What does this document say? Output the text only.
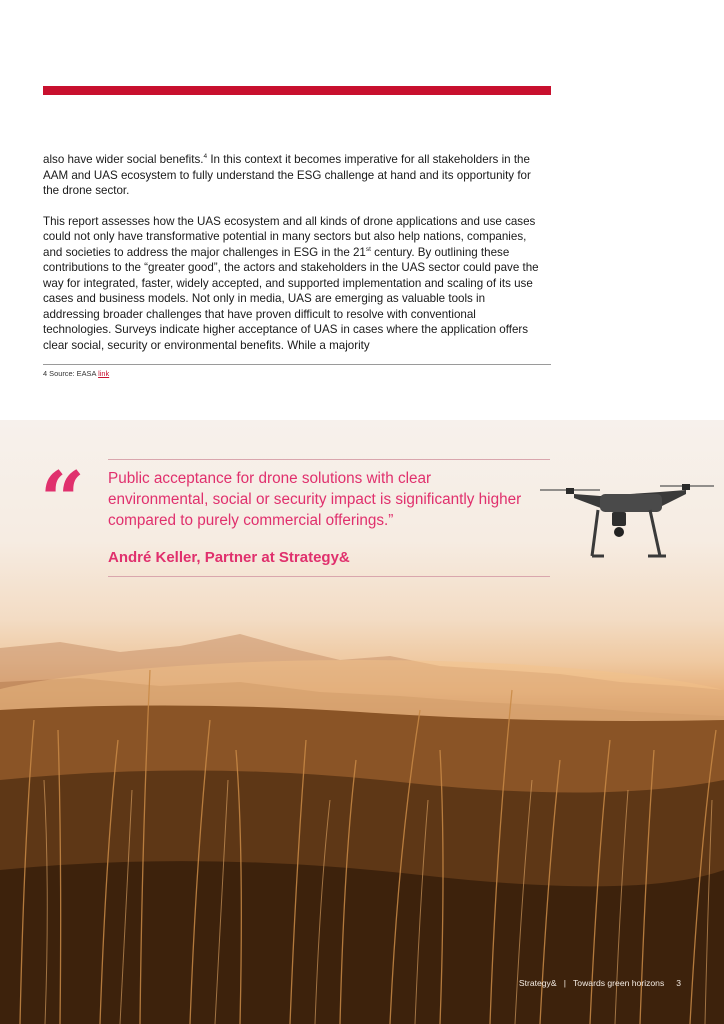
also have wider social benefits.$^4$ In this context it becomes imperative for all stakeholders in the AAM and UAS ecosystem to fully understand the ESG challenge at hand and its opportunity for the drone sector.

This report assesses how the UAS ecosystem and all kinds of drone applications and use cases could not only have transformative potential in many sectors but also help nations, companies, and societies to address the major challenges in ESG in the 21st century. By outlining these contributions to the “greater good”, the actors and stakeholders in the UAS sector could pave the way for integrated, faster, widely accepted, and supported implementation and scaling of its use cases and business models. Not only in media, UAS are emerging as valuable tools in addressing broader challenges that have proven difficult to resolve with conventional technologies. Surveys indicate higher acceptance of UAS in cases where the application offers clear social, security or environmental benefits. While a majority

4 Source: EASA link
“ Public acceptance for drone solutions with clear environmental, social or security impact is significantly higher compared to purely commercial offerings.”
André Keller, Partner at Strategy&
Strategy& | Towards green horizons 3
